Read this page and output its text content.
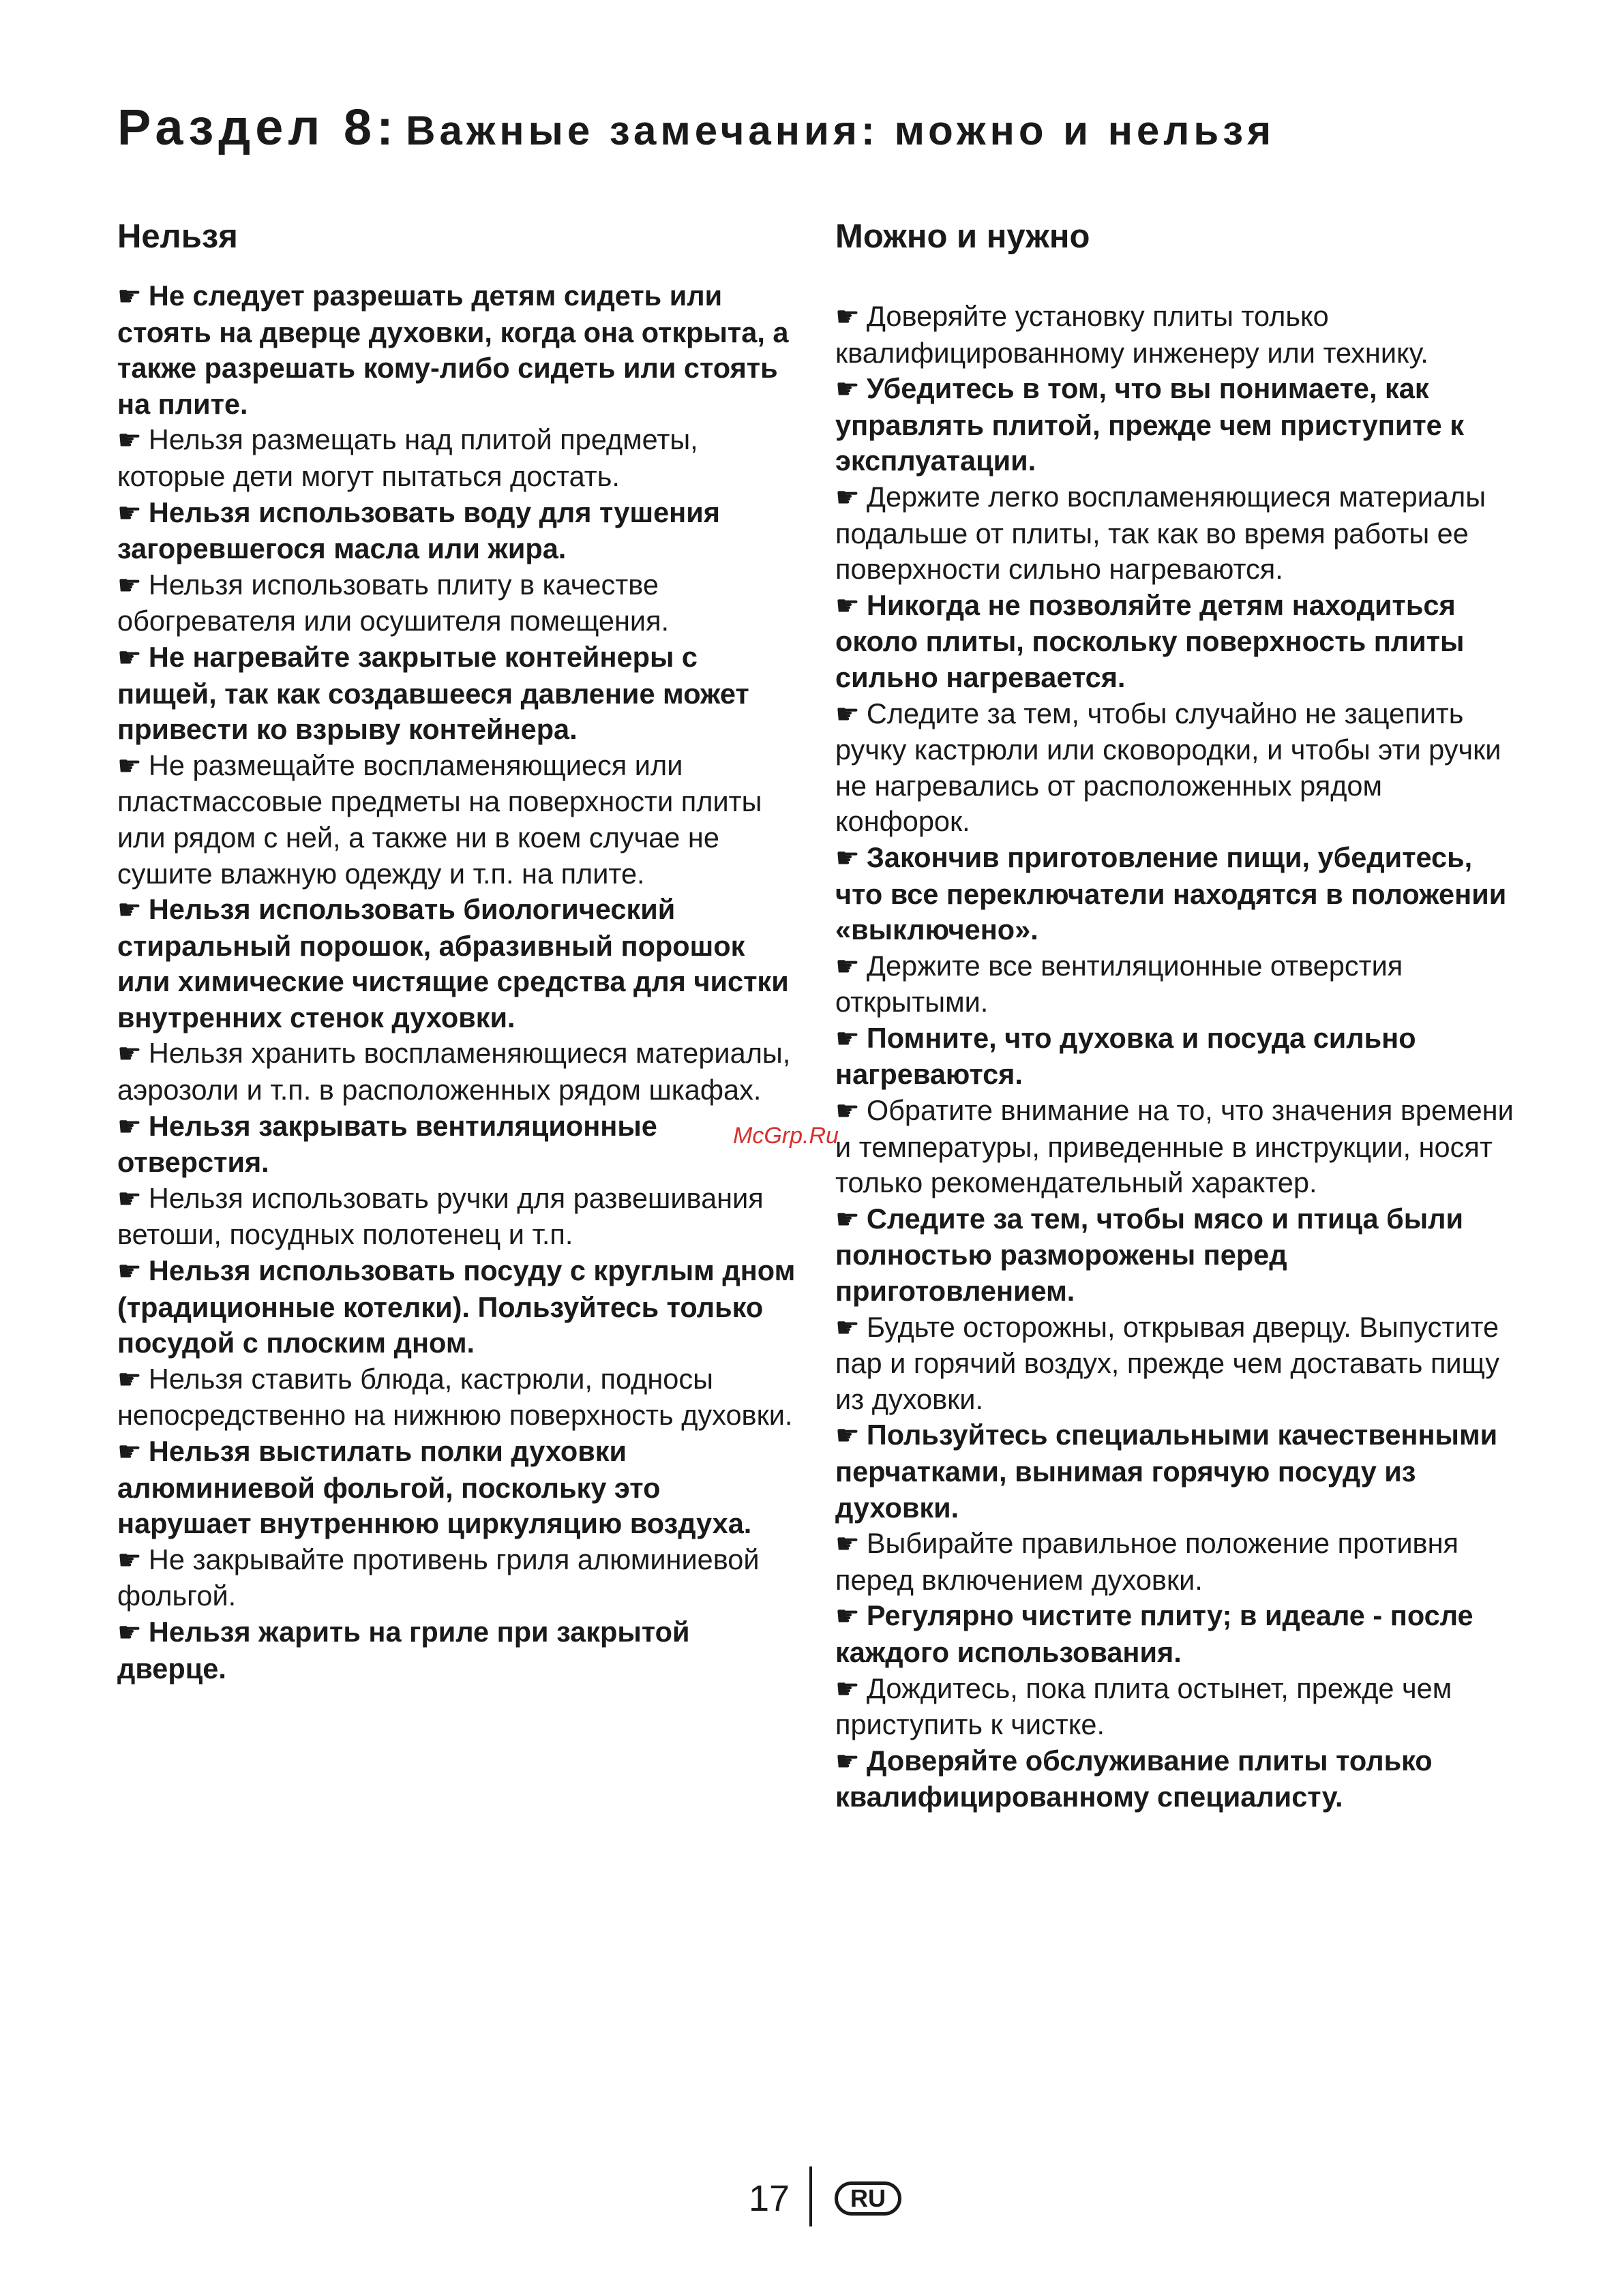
Раздел 8: Важные замечания: можно и нельзя
Нельзя
☛ Не следует разрешать детям сидеть или стоять на дверце духовки, когда она открыта, а также разрешать кому-либо сидеть или стоять на плите.
☛ Нельзя размещать над плитой предметы, которые дети могут пытаться достать.
☛ Нельзя использовать воду для тушения загоревшегося масла или жира.
☛ Нельзя использовать плиту в качестве обогревателя или осушителя помещения.
☛ Не нагревайте закрытые контейнеры с пищей, так как создавшееся давление может привести ко взрыву контейнера.
☛ Не размещайте воспламеняющиеся или пластмассовые предметы на поверхности плиты или рядом с ней, а также ни в коем случае не сушите влажную одежду и т.п. на плите.
☛ Нельзя использовать биологический стиральный порошок, абразивный порошок или химические чистящие средства для чистки внутренних стенок духовки.
☛ Нельзя хранить воспламеняющиеся материалы, аэрозоли и т.п. в расположенных рядом шкафах.
☛ Нельзя закрывать вентиляционные отверстия.
☛ Нельзя использовать ручки для развешивания ветоши, посудных полотенец и т.п.
☛ Нельзя использовать посуду с круглым дном (традиционные котелки). Пользуйтесь только посудой с плоским дном.
☛ Нельзя ставить блюда, кастрюли, подносы непосредственно на нижнюю поверхность духовки.
☛ Нельзя выстилать полки духовки алюминиевой фольгой, поскольку это нарушает внутреннюю циркуляцию воздуха.
☛ Не закрывайте противень гриля алюминиевой фольгой.
☛ Нельзя жарить на гриле при закрытой дверце.
Можно и нужно
☛ Доверяйте установку плиты только квалифицированному инженеру или технику.
☛ Убедитесь в том, что вы понимаете, как управлять плитой, прежде чем приступите к эксплуатации.
☛ Держите легко воспламеняющиеся материалы подальше от плиты, так как во время работы ее поверхности сильно нагреваются.
☛ Никогда не позволяйте детям находиться около плиты, поскольку поверхность плиты сильно нагревается.
☛ Следите за тем, чтобы случайно не зацепить ручку кастрюли или сковородки, и чтобы эти ручки не нагревались от расположенных рядом конфорок.
☛ Закончив приготовление пищи, убедитесь, что все переключатели находятся в положении «выключено».
☛ Держите все вентиляционные отверстия открытыми.
☛ Помните, что духовка и посуда сильно нагреваются.
☛ Обратите внимание на то, что значения времени и температуры, приведенные в инструкции, носят только рекомендательный характер.
☛ Следите за тем, чтобы мясо и птица были полностью разморожены перед приготовлением.
☛ Будьте осторожны, открывая дверцу. Выпустите пар и горячий воздух, прежде чем доставать пищу из духовки.
☛ Пользуйтесь специальными качественными перчатками, вынимая горячую посуду из духовки.
☛ Выбирайте правильное положение противня перед включением духовки.
☛ Регулярно чистите плиту; в идеале - после каждого использования.
☛ Дождитесь, пока плита остынет, прежде чем приступить к чистке.
☛ Доверяйте обслуживание плиты только квалифицированному специалисту.
McGrp.Ru
17	RU
